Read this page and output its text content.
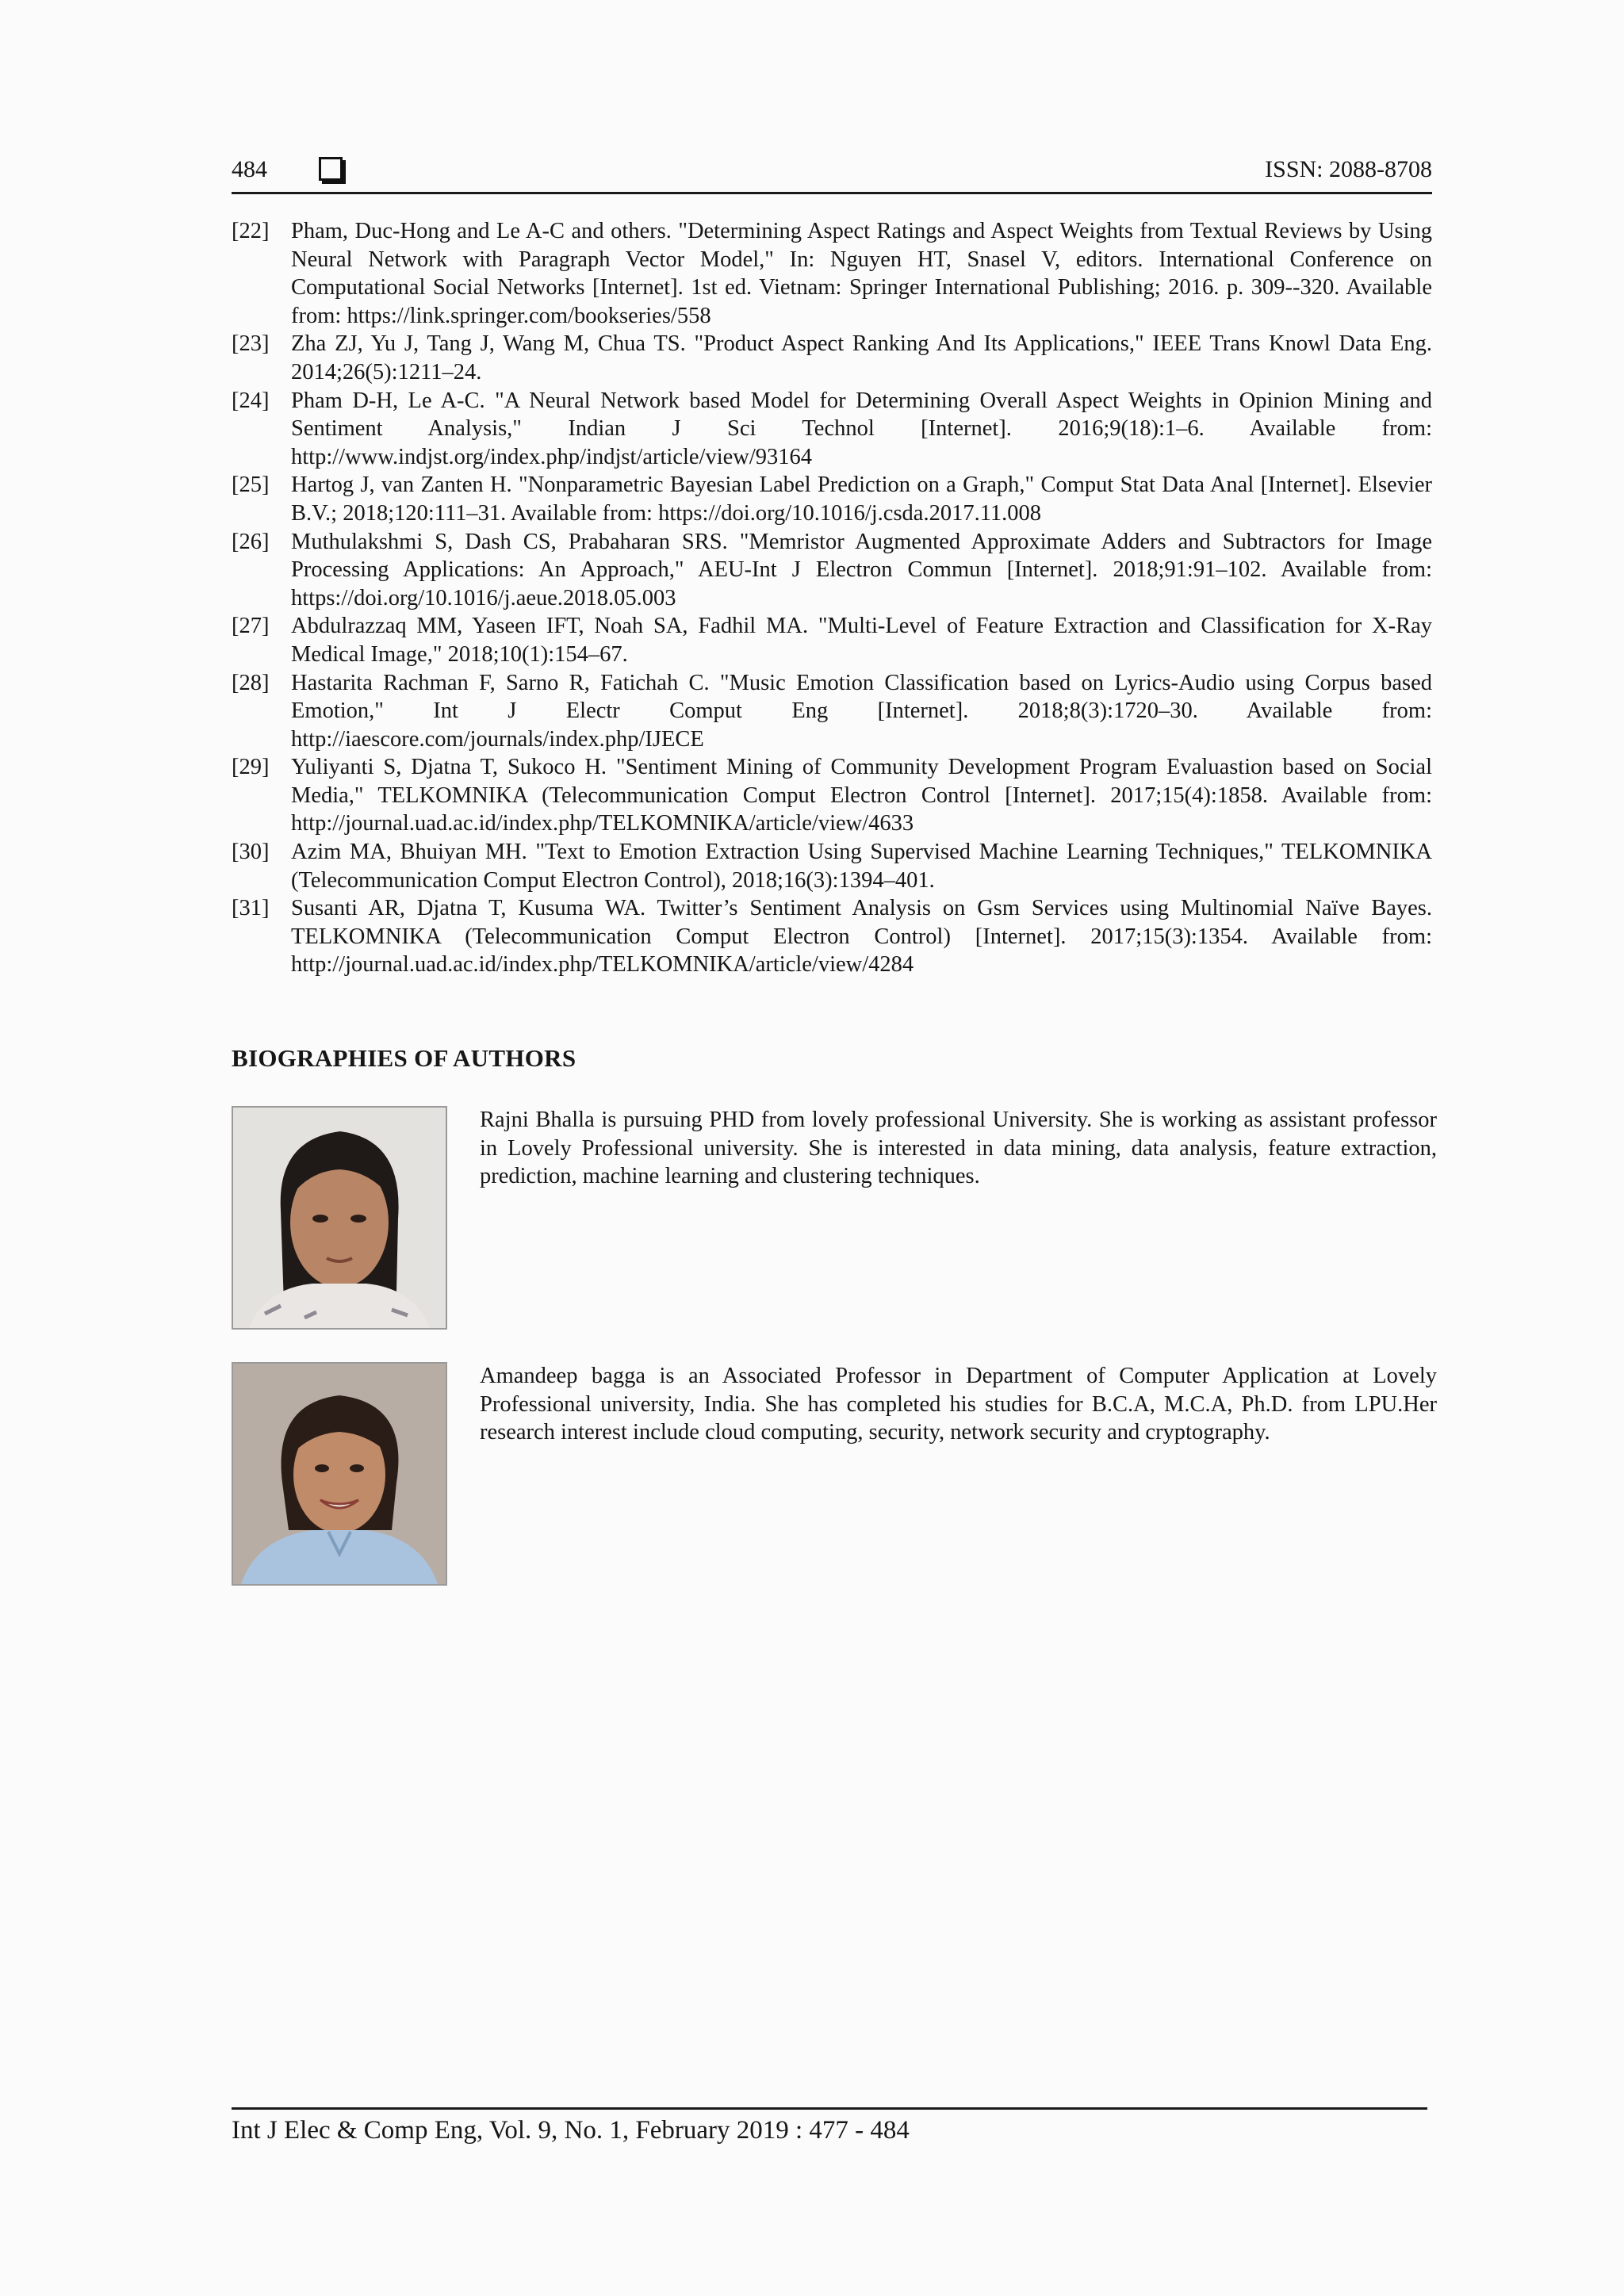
484	ISSN: 2088-8708
[22] Pham, Duc-Hong and Le A-C and others. "Determining Aspect Ratings and Aspect Weights from Textual Reviews by Using Neural Network with Paragraph Vector Model," In: Nguyen HT, Snasel V, editors. International Conference on Computational Social Networks [Internet]. 1st ed. Vietnam: Springer International Publishing; 2016. p. 309--320. Available from: https://link.springer.com/bookseries/558
[23] Zha ZJ, Yu J, Tang J, Wang M, Chua TS. "Product Aspect Ranking And Its Applications," IEEE Trans Knowl Data Eng. 2014;26(5):1211–24.
[24] Pham D-H, Le A-C. "A Neural Network based Model for Determining Overall Aspect Weights in Opinion Mining and Sentiment Analysis," Indian J Sci Technol [Internet]. 2016;9(18):1–6. Available from: http://www.indjst.org/index.php/indjst/article/view/93164
[25] Hartog J, van Zanten H. "Nonparametric Bayesian Label Prediction on a Graph," Comput Stat Data Anal [Internet]. Elsevier B.V.; 2018;120:111–31. Available from: https://doi.org/10.1016/j.csda.2017.11.008
[26] Muthulakshmi S, Dash CS, Prabaharan SRS. "Memristor Augmented Approximate Adders and Subtractors for Image Processing Applications: An Approach," AEU-Int J Electron Commun [Internet]. 2018;91:91–102. Available from: https://doi.org/10.1016/j.aeue.2018.05.003
[27] Abdulrazzaq MM, Yaseen IFT, Noah SA, Fadhil MA. "Multi-Level of Feature Extraction and Classification for X-Ray Medical Image," 2018;10(1):154–67.
[28] Hastarita Rachman F, Sarno R, Fatichah C. "Music Emotion Classification based on Lyrics-Audio using Corpus based Emotion," Int J Electr Comput Eng [Internet]. 2018;8(3):1720–30. Available from: http://iaescore.com/journals/index.php/IJECE
[29] Yuliyanti S, Djatna T, Sukoco H. "Sentiment Mining of Community Development Program Evaluastion based on Social Media," TELKOMNIKA (Telecommunication Comput Electron Control [Internet]. 2017;15(4):1858. Available from: http://journal.uad.ac.id/index.php/TELKOMNIKA/article/view/4633
[30] Azim MA, Bhuiyan MH. "Text to Emotion Extraction Using Supervised Machine Learning Techniques," TELKOMNIKA (Telecommunication Comput Electron Control), 2018;16(3):1394–401.
[31] Susanti AR, Djatna T, Kusuma WA. Twitter’s Sentiment Analysis on Gsm Services using Multinomial Naïve Bayes. TELKOMNIKA (Telecommunication Comput Electron Control) [Internet]. 2017;15(3):1354. Available from: http://journal.uad.ac.id/index.php/TELKOMNIKA/article/view/4284
BIOGRAPHIES OF AUTHORS
Rajni Bhalla is pursuing PHD from lovely professional University. She is working as assistant professor in Lovely Professional university. She is interested in data mining, data analysis, feature extraction, prediction, machine learning and clustering techniques.
Amandeep bagga is an Associated Professor in Department of Computer Application at Lovely Professional university, India. She has completed his studies for B.C.A, M.C.A, Ph.D. from LPU.Her research interest include cloud computing, security, network security and cryptography.
Int J Elec & Comp Eng, Vol. 9, No. 1, February 2019 : 477 - 484
